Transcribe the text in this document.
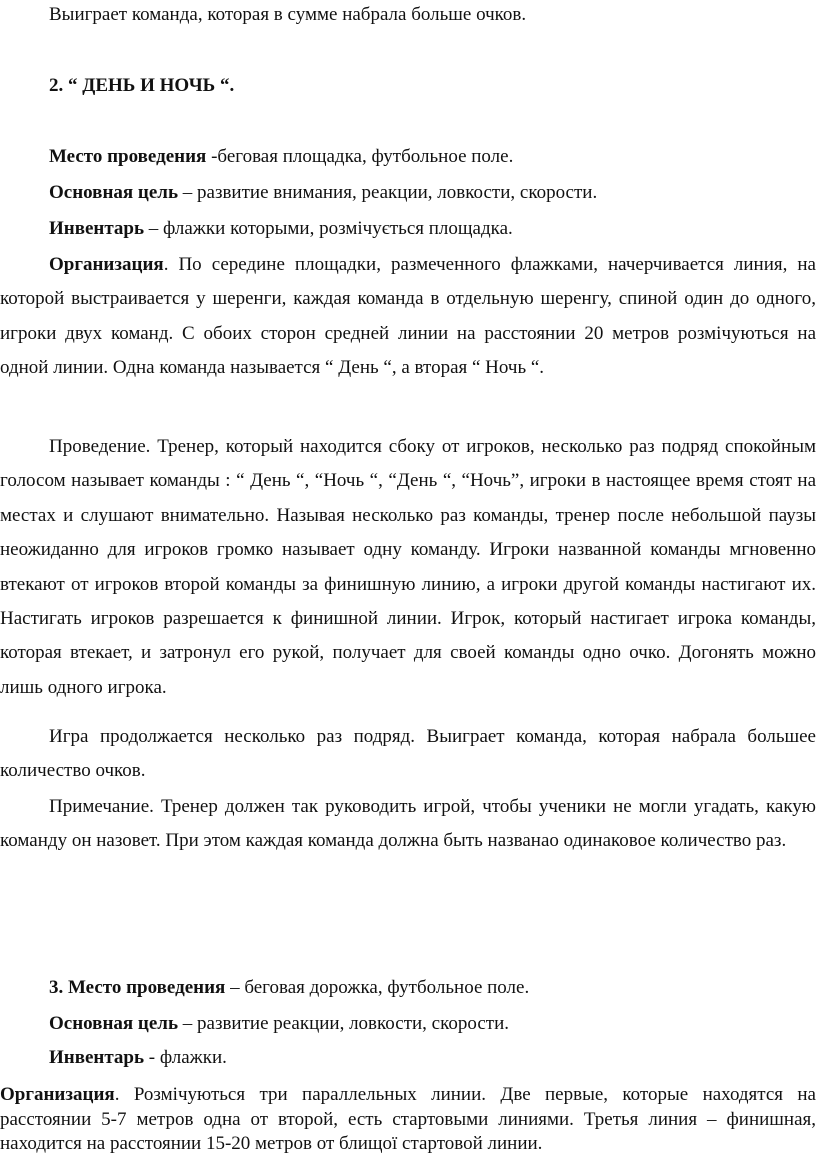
Выиграет команда, которая в сумме набрала больше очков.
2. “ ДЕНЬ И НОЧЬ “.
Место проведения -беговая площадка, футбольное поле.
Основная цель – развитие внимания, реакции, ловкости, скорости.
Инвентарь – флажки которыми, розмічується площадка.

Организация. По середине площадки, размеченного флажками, начерчивается линия, на которой выстраивается у шеренги, каждая команда в отдельную шеренгу, спиной один до одного, игроки двух команд. С обоих сторон средней линии на расстоянии 20 метров розмічуються на одной линии. Одна команда называется “ День “, а вторая “ Ночь “.

Проведение. Тренер, который находится сбоку от игроков, несколько раз подряд спокойным голосом называет команды : “ День “, “Ночь “, “День “, “Ночь”, игроки в настоящее время стоят на местах и слушают внимательно. Называя несколько раз команды, тренер после небольшой паузы неожиданно для игроков громко называет одну команду. Игроки названной команды мгновенно втекают от игроков второй команды за финишную линию, а игроки другой команды настигают их. Настигать игроков разрешается к финишной линии. Игрок, который настигает игрока команды, которая втекает, и затронул его рукой, получает для своей команды одно очко. Догонять можно лишь одного игрока.

Игра продолжается несколько раз подряд. Выиграет команда, которая набрала большее количество очков.

Примечание. Тренер должен так руководить игрой, чтобы ученики не могли угадать, какую команду он назовет. При этом каждая команда должна быть названао одинаковое количество раз.

3. Место проведения – беговая дорожка, футбольное поле.
Основная цель – развитие реакции, ловкости, скорости.
Инвентарь - флажки.

Организация. Розмічуються три параллельных линии. Две первые, которые находятся на расстоянии 5-7 метров одна от второй, есть стартовыми линиями. Третья линия – финишная, находится на расстоянии 15-20 метров от блищої стартовой линии.
